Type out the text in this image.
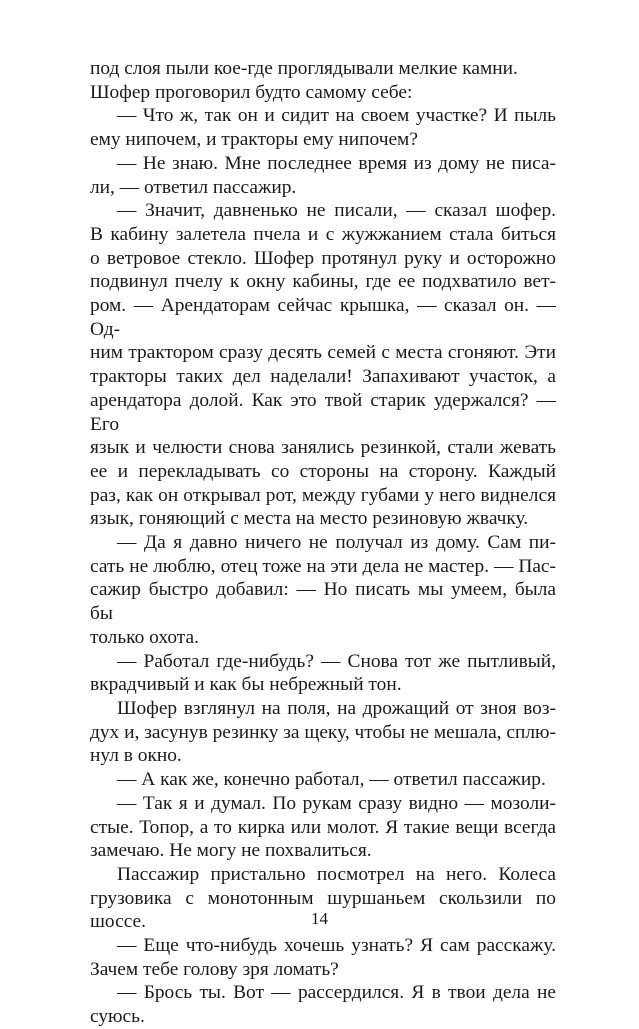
под слоя пыли кое-где проглядывали мелкие камни.
Шофер проговорил будто самому себе:
— Что ж, так он и сидит на своем участке? И пыль
ему нипочем, и тракторы ему нипочем?
— Не знаю. Мне последнее время из дому не писа-
ли, — ответил пассажир.
— Значит, давненько не писали, — сказал шофер.
В кабину залетела пчела и с жужжанием стала биться
о ветровое стекло. Шофер протянул руку и осторожно
подвинул пчелу к окну кабины, где ее подхватило вет-
ром. — Арендаторам сейчас крышка, — сказал он. — Од-
ним трактором сразу десять семей с места сгоняют. Эти
тракторы таких дел наделали! Запахивают участок, а
арендатора долой. Как это твой старик удержался? — Его
язык и челюсти снова занялись резинкой, стали жевать
ее и перекладывать со стороны на сторону. Каждый
раз, как он открывал рот, между губами у него виднелся
язык, гоняющий с места на место резиновую жвачку.
— Да я давно ничего не получал из дому. Сам пи-
сать не люблю, отец тоже на эти дела не мастер. — Пас-
сажир быстро добавил: — Но писать мы умеем, была бы
только охота.
— Работал где-нибудь? — Снова тот же пытливый,
вкрадчивый и как бы небрежный тон.
Шофер взглянул на поля, на дрожащий от зноя воз-
дух и, засунув резинку за щеку, чтобы не мешала, сплю-
нул в окно.
— А как же, конечно работал, — ответил пассажир.
— Так я и думал. По рукам сразу видно — мозоли-
стые. Топор, а то кирка или молот. Я такие вещи всегда
замечаю. Не могу не похвалиться.
Пассажир пристально посмотрел на него. Колеса
грузовика с монотонным шуршаньем скользили по
шоссе.
— Еще что-нибудь хочешь узнать? Я сам расскажу.
Зачем тебе голову зря ломать?
— Брось ты. Вот — рассердился. Я в твои дела не
суюсь.
14
